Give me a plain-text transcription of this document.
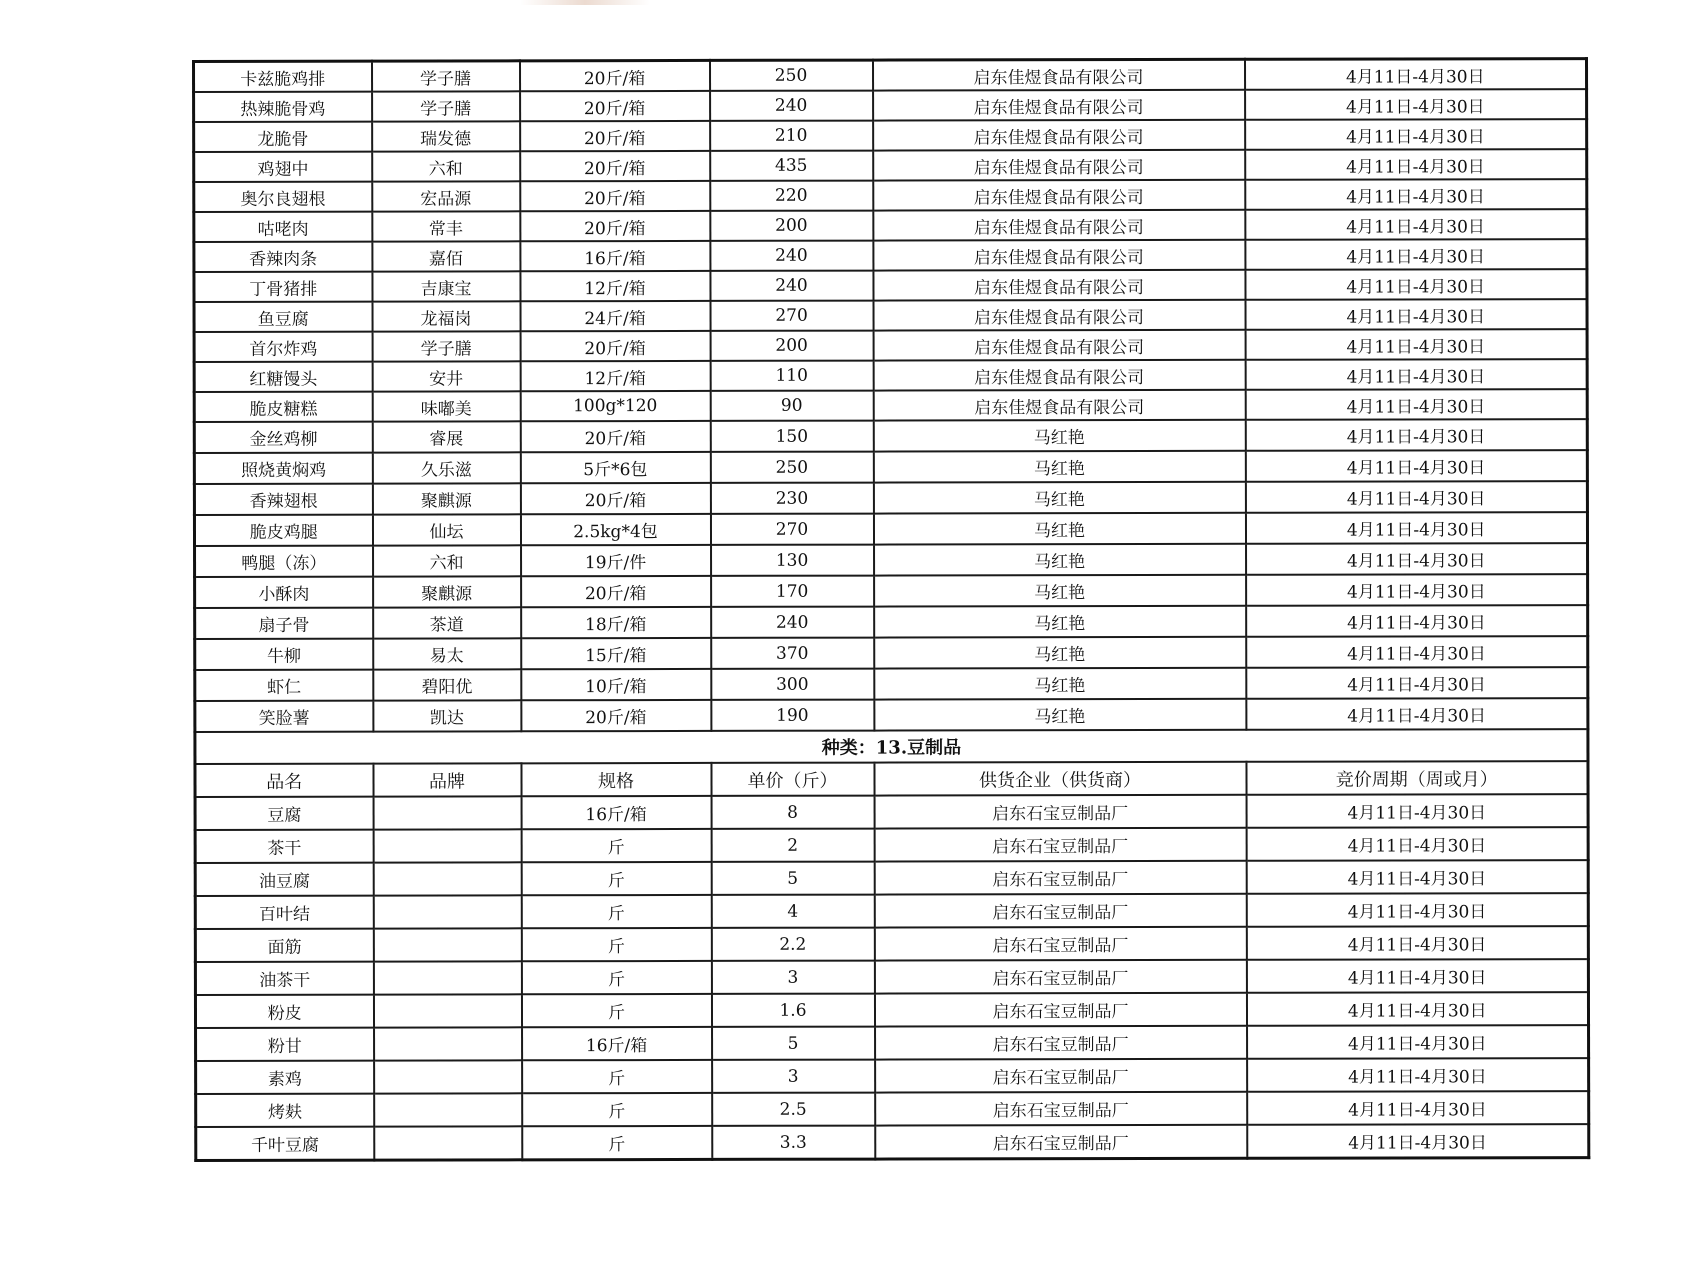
卡兹脆鸡排	学子膳	20斤/箱	250	启东佳煜食品有限公司	4月11日-4月30日
热辣脆骨鸡	学子膳	20斤/箱	240	启东佳煜食品有限公司	4月11日-4月30日
龙脆骨	瑞发德	20斤/箱	210	启东佳煜食品有限公司	4月11日-4月30日
鸡翅中	六和	20斤/箱	435	启东佳煜食品有限公司	4月11日-4月30日
奥尔良翅根	宏品源	20斤/箱	220	启东佳煜食品有限公司	4月11日-4月30日
咕咾肉	常丰	20斤/箱	200	启东佳煜食品有限公司	4月11日-4月30日
香辣肉条	嘉佰	16斤/箱	240	启东佳煜食品有限公司	4月11日-4月30日
丁骨猪排	吉康宝	12斤/箱	240	启东佳煜食品有限公司	4月11日-4月30日
鱼豆腐	龙福岗	24斤/箱	270	启东佳煜食品有限公司	4月11日-4月30日
首尔炸鸡	学子膳	20斤/箱	200	启东佳煜食品有限公司	4月11日-4月30日
红糖馒头	安井	12斤/箱	110	启东佳煜食品有限公司	4月11日-4月30日
脆皮糖糕	味嘟美	100g*120	90	启东佳煜食品有限公司	4月11日-4月30日
金丝鸡柳	睿展	20斤/箱	150	马红艳	4月11日-4月30日
照烧黄焖鸡	久乐滋	5斤*6包	250	马红艳	4月11日-4月30日
香辣翅根	聚麒源	20斤/箱	230	马红艳	4月11日-4月30日
脆皮鸡腿	仙坛	2.5kg*4包	270	马红艳	4月11日-4月30日
鸭腿（冻）	六和	19斤/件	130	马红艳	4月11日-4月30日
小酥肉	聚麒源	20斤/箱	170	马红艳	4月11日-4月30日
扇子骨	茶道	18斤/箱	240	马红艳	4月11日-4月30日
牛柳	易太	15斤/箱	370	马红艳	4月11日-4月30日
虾仁	碧阳优	10斤/箱	300	马红艳	4月11日-4月30日
笑脸薯	凯达	20斤/箱	190	马红艳	4月11日-4月30日
种类：13.豆制品					
品名	品牌	规格	单价（斤）	供货企业（供货商）	竞价周期（周或月）
豆腐		16斤/箱	8	启东石宝豆制品厂	4月11日-4月30日
茶干		斤	2	启东石宝豆制品厂	4月11日-4月30日
油豆腐		斤	5	启东石宝豆制品厂	4月11日-4月30日
百叶结		斤	4	启东石宝豆制品厂	4月11日-4月30日
面筋		斤	2.2	启东石宝豆制品厂	4月11日-4月30日
油茶干		斤	3	启东石宝豆制品厂	4月11日-4月30日
粉皮		斤	1.6	启东石宝豆制品厂	4月11日-4月30日
粉甘		16斤/箱	5	启东石宝豆制品厂	4月11日-4月30日
素鸡		斤	3	启东石宝豆制品厂	4月11日-4月30日
烤麸		斤	2.5	启东石宝豆制品厂	4月11日-4月30日
千叶豆腐		斤	3.3	启东石宝豆制品厂	4月11日-4月30日
